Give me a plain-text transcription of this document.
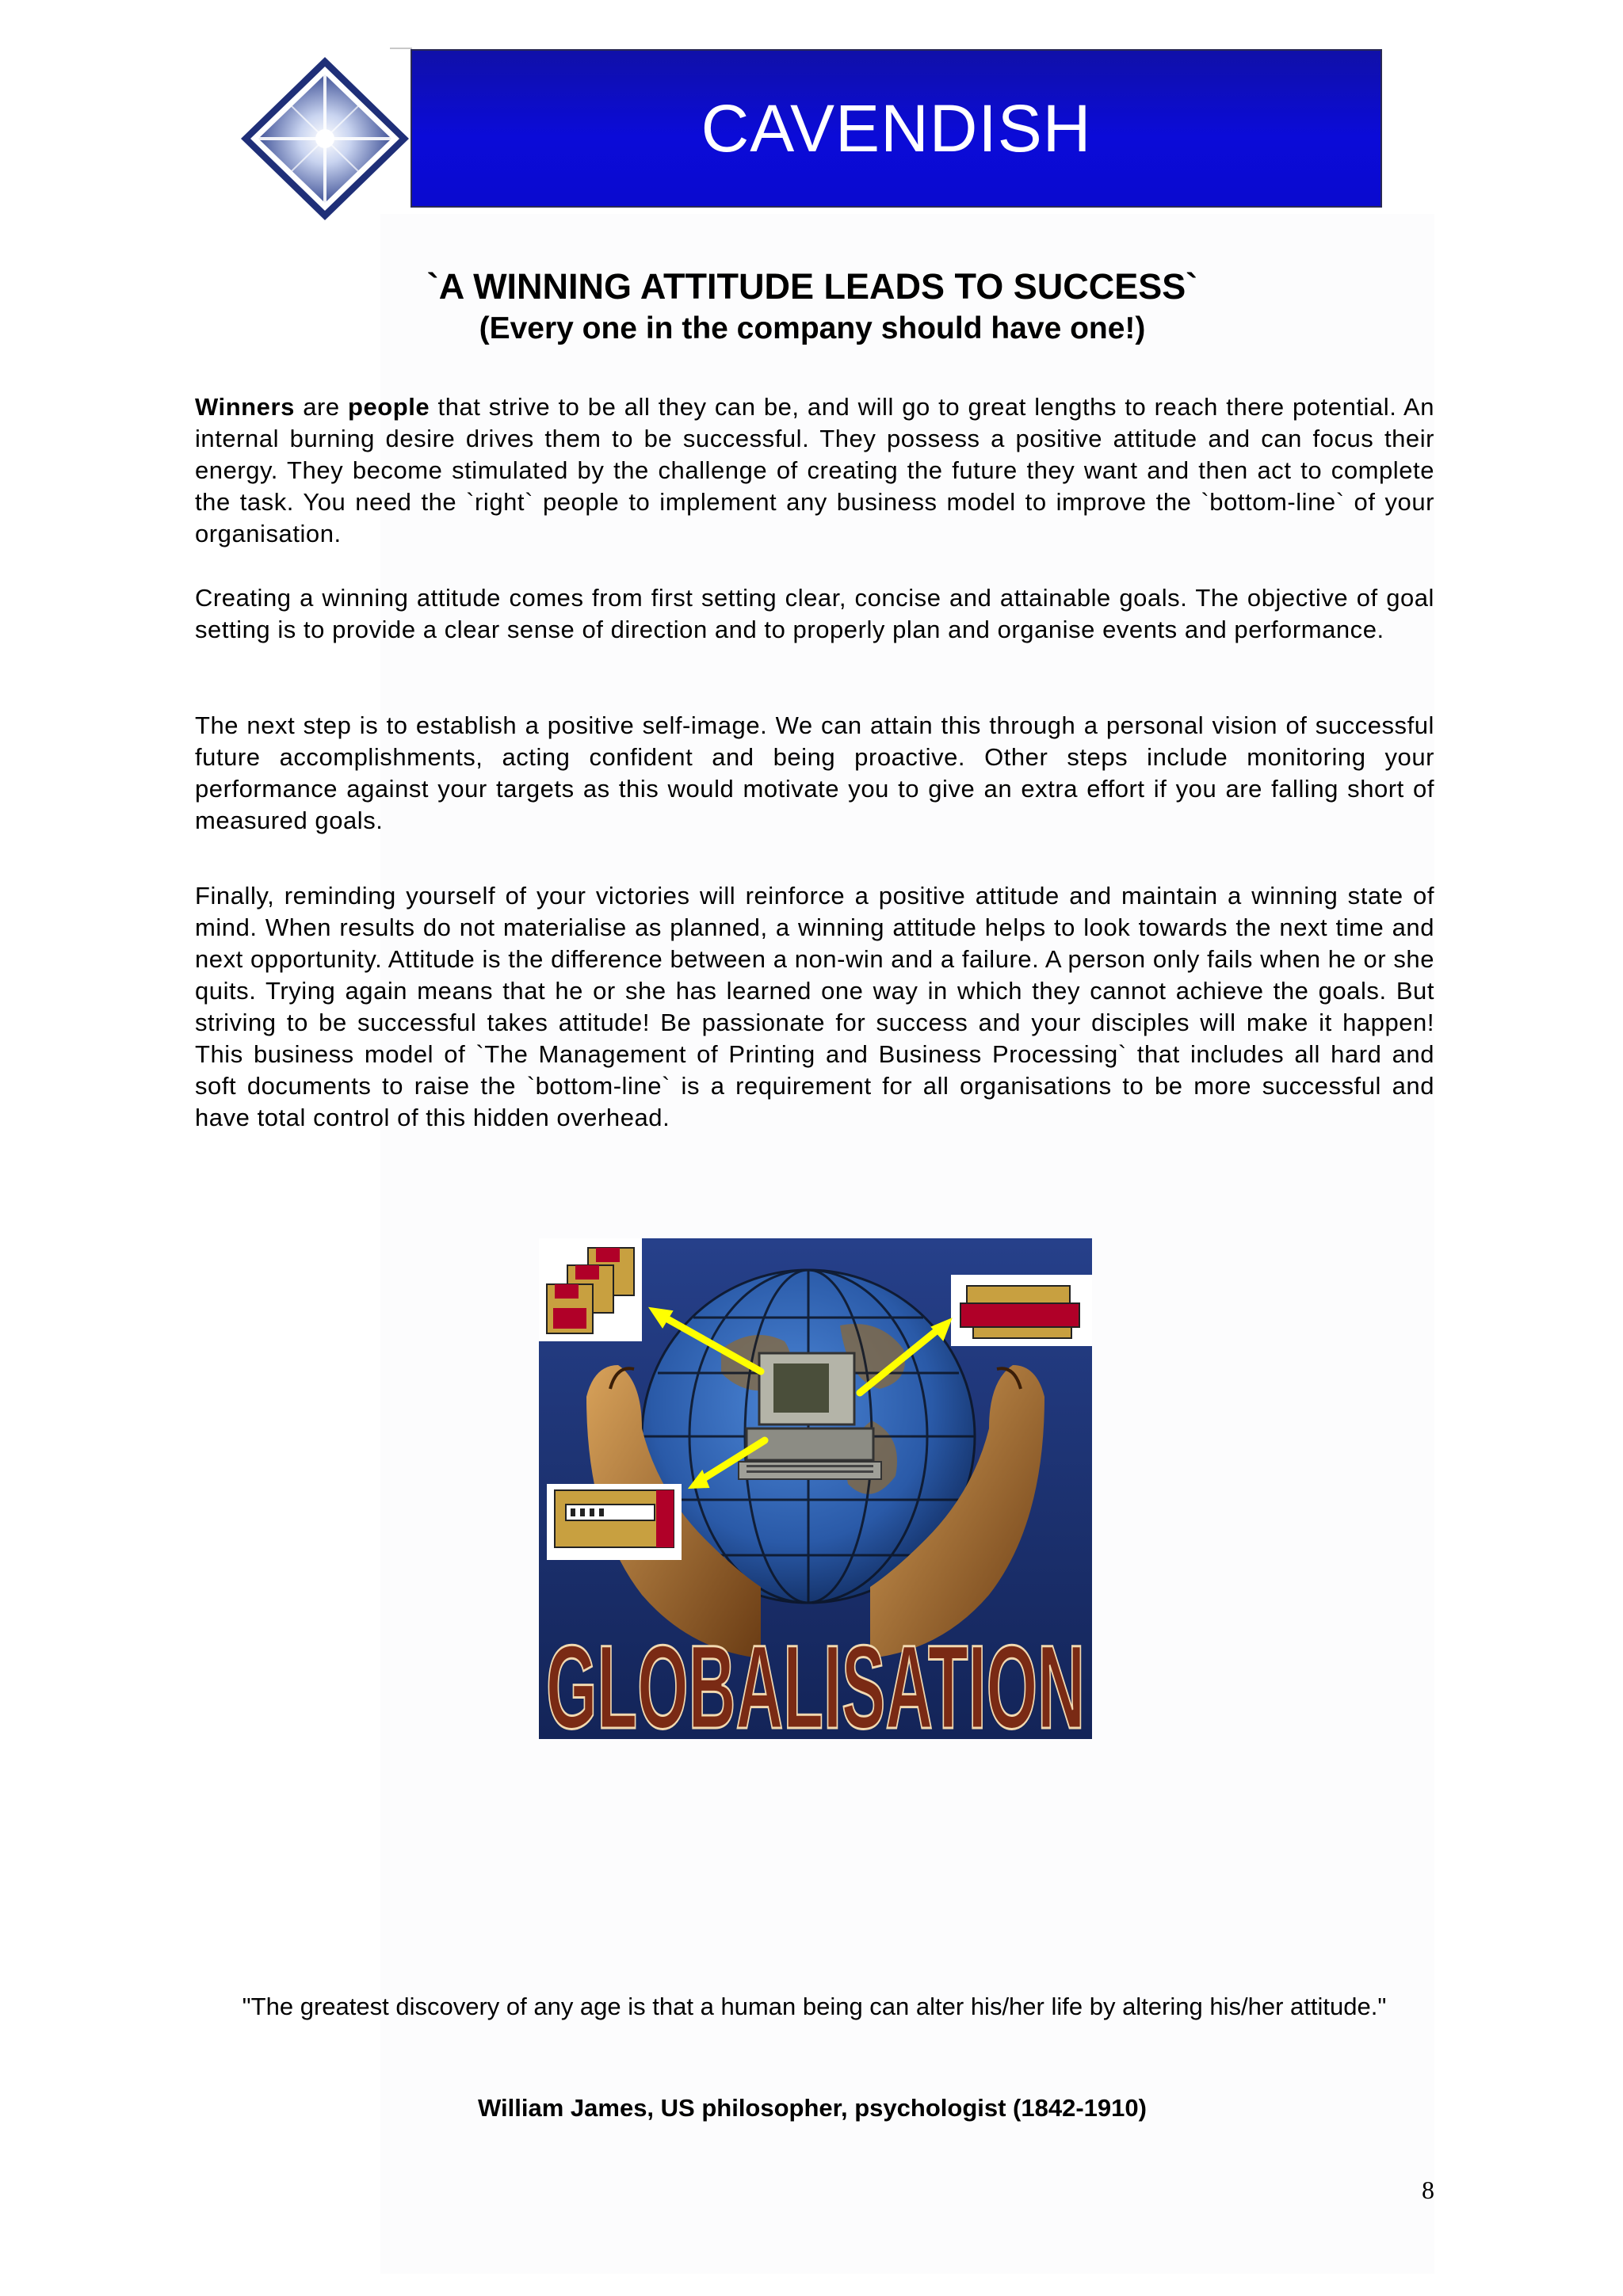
CAVENDISH
`A WINNING ATTITUDE LEADS TO SUCCESS`
(Every one in the company should have one!)

Winners are people that strive to be all they can be, and will go to great lengths to reach there potential. An internal burning desire drives them to be successful. They possess a positive attitude and can focus their energy. They become stimulated by the challenge of creating the future they want and then act to complete the task. You need the `right` people to implement any business model to improve the `bottom-line` of your organisation.

Creating a winning attitude comes from first setting clear, concise and attainable goals. The objective of goal setting is to provide a clear sense of direction and to properly plan and organise events and performance.

The next step is to establish a positive self-image. We can attain this through a personal vision of successful future accomplishments, acting confident and being proactive. Other steps include monitoring your performance against your targets as this would motivate you to give an extra effort if you are falling short of measured goals.

Finally, reminding yourself of your victories will reinforce a positive attitude and maintain a winning state of mind. When results do not materialise as planned, a winning attitude helps to look towards the next time and next opportunity. Attitude is the difference between a non-win and a failure. A person only fails when he or she quits. Trying again means that he or she has learned one way in which they cannot achieve the goals. But striving to be successful takes attitude! Be passionate for success and your disciples will make it happen! This business model of `The Management of Printing and Business Processing` that includes all hard and soft documents to raise the `bottom-line` is a requirement for all organisations to be more successful and have total control of this hidden overhead.

GLOBALISATION
"The greatest discovery of any age is that a human being can alter his/her life by altering his/her attitude."
William James, US philosopher, psychologist (1842-1910)
8
